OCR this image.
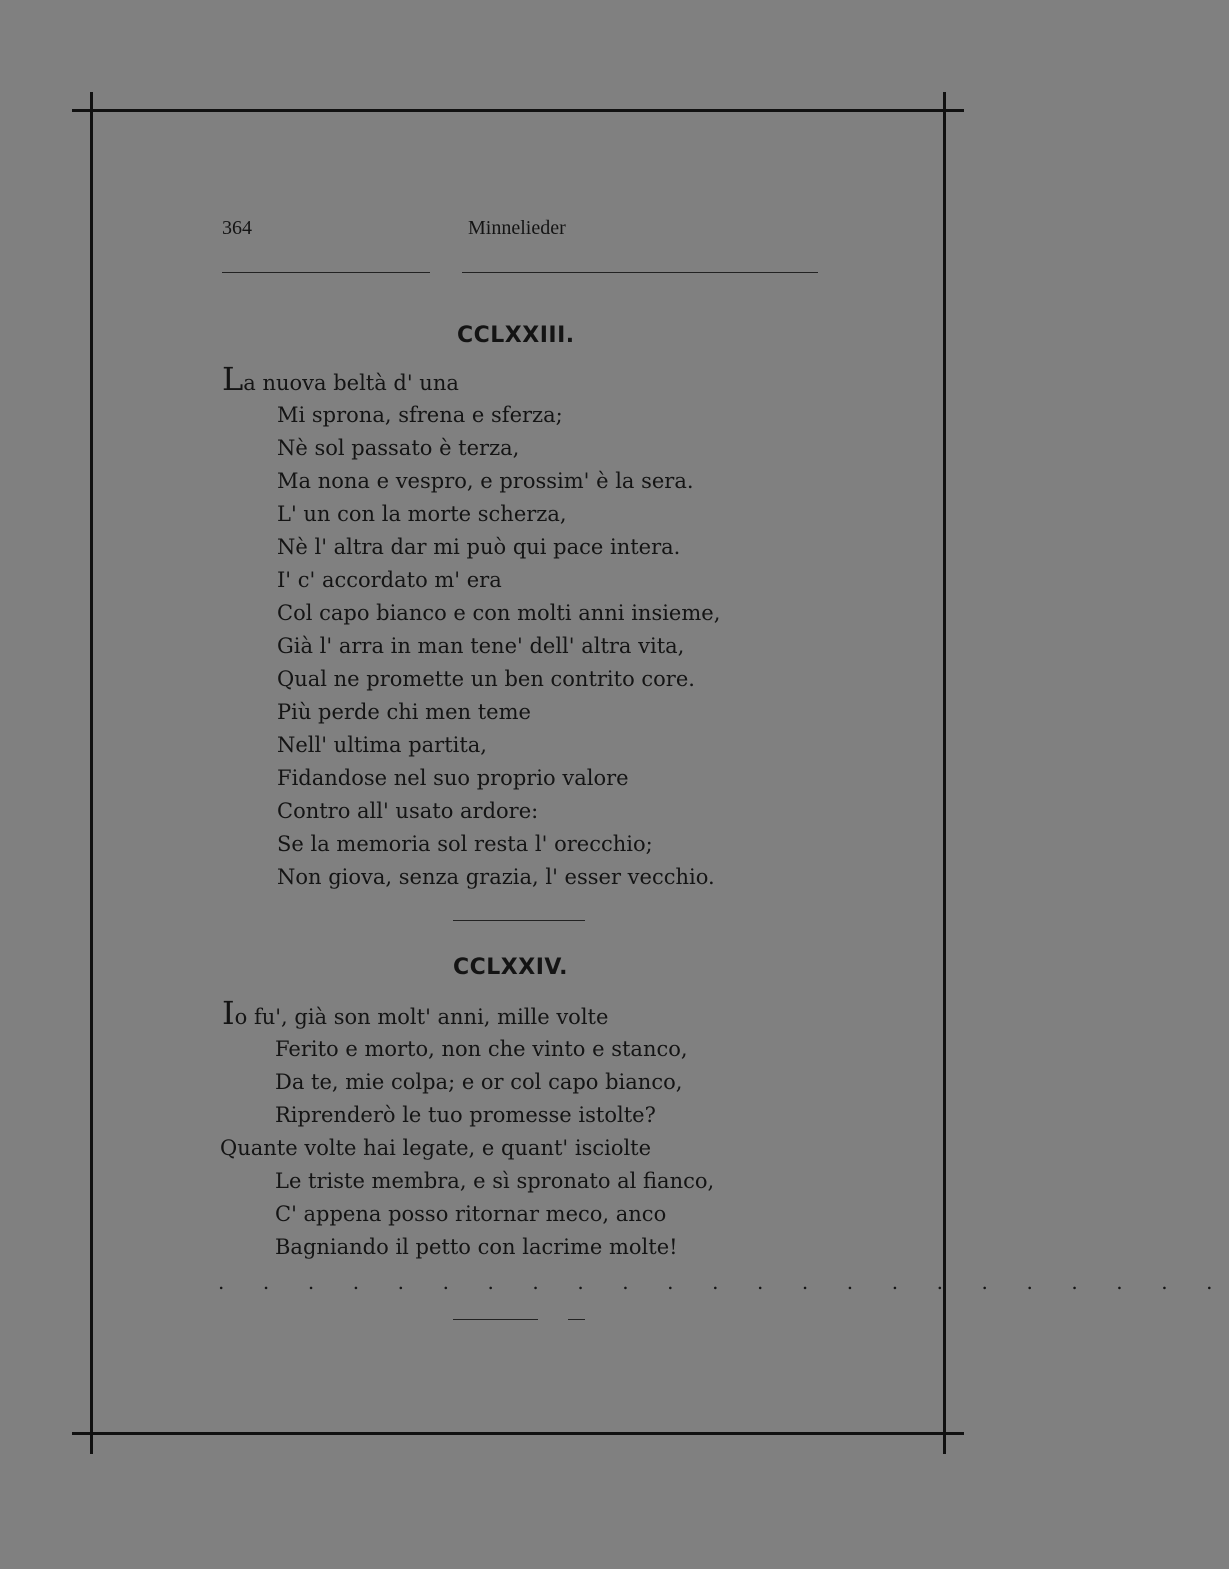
364	Minnelieder
CCLXXIII.
La nuova beltà d' una
Mi sprona, sfrena e sferza;
Nè sol passato è terza,
Ma nona e vespro, e prossim' è la sera.
L' un con la morte scherza,
Nè l' altra dar mi può qui pace intera.
I' c' accordato m' era
Col capo bianco e con molti anni insieme,
Già l' arra in man tene' dell' altra vita,
Qual ne promette un ben contrito core.
Più perde chi men teme
Nell' ultima partita,
Fidandose nel suo proprio valore
Contro all' usato ardore:
Se la memoria sol resta l' orecchio;
Non giova, senza grazia, l' esser vecchio.
CCLXXIV.
Io fu', già son molt' anni, mille volte
Ferito e morto, non che vinto e stanco,
Da te, mie colpa; e or col capo bianco,
Riprenderò le tuo promesse istolte?
Quante volte hai legate, e quant' isciolte
Le triste membra, e sì spronato al fianco,
C' appena posso ritornar meco, anco
Bagniando il petto con lacrime molte!
. . . . . . . . . . . . . . . . . . . . . . .
